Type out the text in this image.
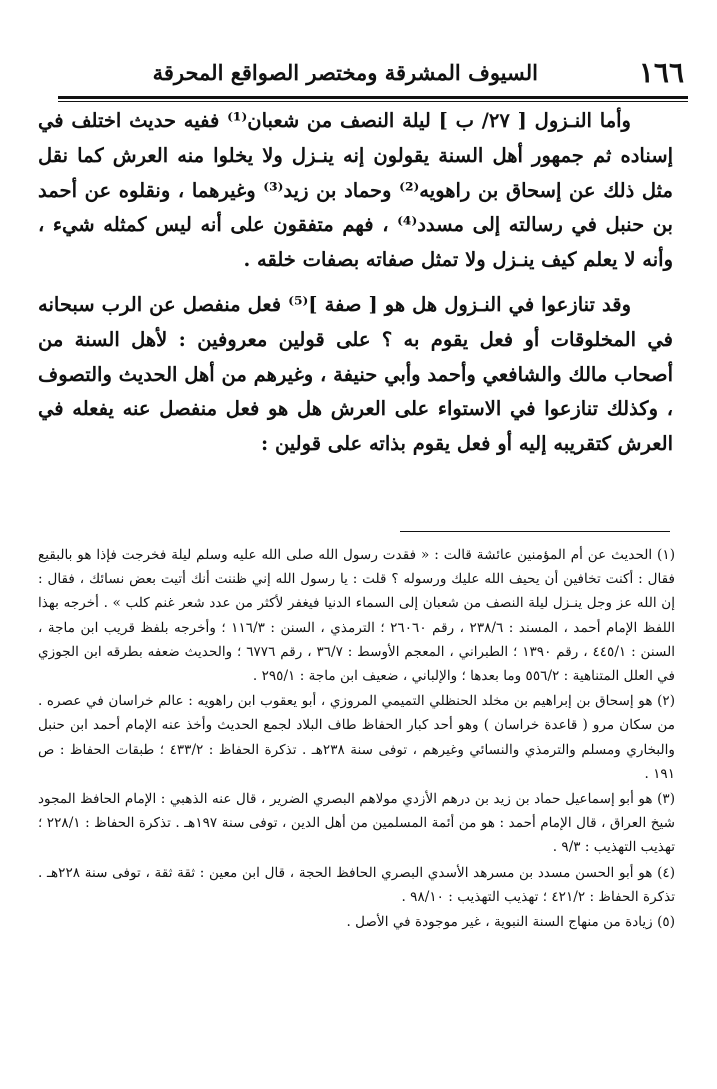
١٦٦
السيوف المشرقة ومختصر الصواقع المحرقة

وأما النـزول [ ٢٧/ ب ] ليلة النصف من شعبان⁽¹⁾ ففيه حديث اختلف في إسناده ثم جمهور أهل السنة يقولون إنه ينـزل ولا يخلوا منه العرش كما نقل مثل ذلك عن إسحاق بن راهويه⁽²⁾ وحماد بن زيد⁽³⁾ وغيرهما ، ونقلوه عن أحمد بن حنبل في رسالته إلى مسدد⁽⁴⁾ ، فهم متفقون على أنه ليس كمثله شيء ، وأنه لا يعلم كيف ينـزل ولا تمثل صفاته بصفات خلقه .

وقد تنازعوا في النـزول هل هو [ صفة ]⁽⁵⁾ فعل منفصل عن الرب سبحانه في المخلوقات أو فعل يقوم به ؟ على قولين معروفين : لأهل السنة من أصحاب مالك والشافعي وأحمد وأبي حنيفة ، وغيرهم من أهل الحديث والتصوف ، وكذلك تنازعوا في الاستواء على العرش هل هو فعل منفصل عنه يفعله في العرش كتقريبه إليه أو فعل يقوم بذاته على قولين :

(١) الحديث عن أم المؤمنين عائشة قالت : « فقدت رسول الله صلى الله عليه وسلم ليلة فخرجت فإذا هو بالبقيع فقال : أكنت تخافين أن يحيف الله عليك ورسوله ؟ قلت : يا رسول الله إني ظننت أنك أتيت بعض نسائك ، فقال : إن الله عز وجل ينـزل ليلة النصف من شعبان إلى السماء الدنيا فيغفر لأكثر من عدد شعر غنم كلب » . أخرجه بهذا اللفظ الإمام أحمد ، المسند : ٢٣٨/٦ ، رقم ٢٦٠٦٠ ؛ الترمذي ، السنن : ١١٦/٣ ؛ وأخرجه بلفظ قريب ابن ماجة ، السنن : ٤٤٥/١ ، رقم ١٣٩٠ ؛ الطبراني ، المعجم الأوسط : ٣٦/٧ ، رقم ٦٧٧٦ ؛ والحديث ضعفه بطرقه ابن الجوزي في العلل المتناهية : ٥٥٦/٢ وما بعدها ؛ والإلباني ، ضعيف ابن ماجة : ٢٩٥/١ .

(٢) هو إسحاق بن إبراهيم بن مخلد الحنظلي التميمي المروزي ، أبو يعقوب ابن راهويه : عالم خراسان في عصره . من سكان مرو ( قاعدة خراسان ) وهو أحد كبار الحفاظ طاف البلاد لجمع الحديث وأخذ عنه الإمام أحمد ابن حنبل والبخاري ومسلم والترمذي والنسائي وغيرهم ، توفى سنة ٢٣٨هـ . تذكرة الحفاظ : ٤٣٣/٢ ؛ طبقات الحفاظ : ص ١٩١ .

(٣) هو أبو إسماعيل حماد بن زيد بن درهم الأزدي مولاهم البصري الضرير ، قال عنه الذهبي : الإمام الحافظ المجود شيخ العراق ، قال الإمام أحمد : هو من أئمة المسلمين من أهل الدين ، توفى سنة ١٩٧هـ . تذكرة الحفاظ : ٢٢٨/١ ؛ تهذيب التهذيب : ٩/٣ .

(٤) هو أبو الحسن مسدد بن مسرهد الأسدي البصري الحافظ الحجة ، قال ابن معين : ثقة ثقة ، توفى سنة ٢٢٨هـ . تذكرة الحفاظ : ٤٢١/٢ ؛ تهذيب التهذيب : ٩٨/١٠ .

(٥) زيادة من منهاج السنة النبوية ، غير موجودة في الأصل .
